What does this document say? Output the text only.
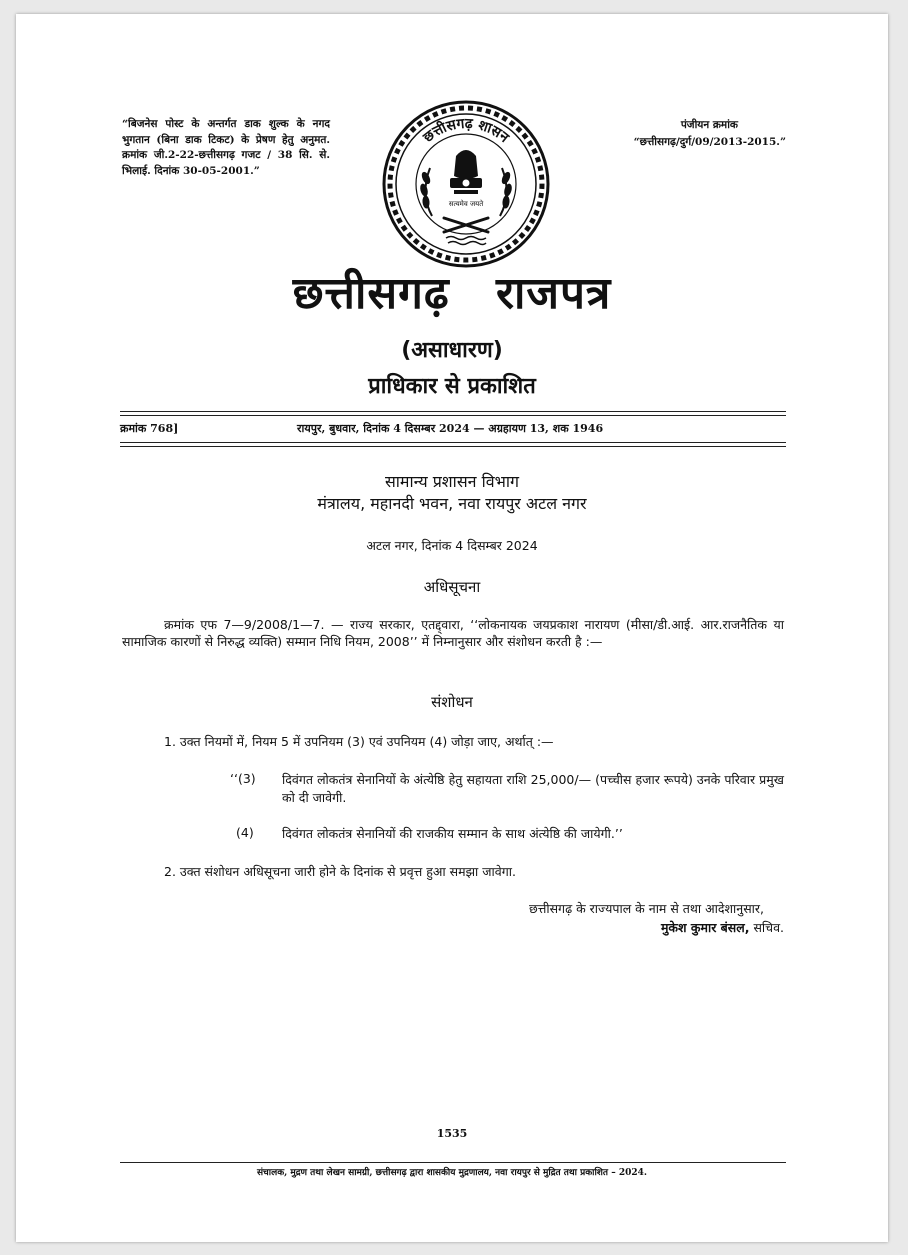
“बिजनेस पोस्ट के अन्तर्गत डाक शुल्क के नगद भुगतान (बिना डाक टिकट) के प्रेषण हेतु अनुमत. क्रमांक जी.2-22-छत्तीसगढ़ गजट / 38 सि. से. भिलाई. दिनांक 30-05-2001.”
पंजीयन क्रमांक
“छत्तीसगढ़/दुर्ग/09/2013-2015.”
छत्तीसगढ़ शासन
सत्यमेव जयते
छत्तीसगढ़ राजपत्र
(असाधारण)
प्राधिकार से प्रकाशित
क्रमांक 768]	रायपुर, बुधवार, दिनांक 4 दिसम्बर 2024 — अग्रहायण 13, शक 1946
सामान्य प्रशासन विभाग
मंत्रालय, महानदी भवन, नवा रायपुर अटल नगर
अटल नगर, दिनांक 4 दिसम्बर 2024
अधिसूचना
क्रमांक एफ 7—9/2008/1—7. — राज्य सरकार, एतद्द्वारा, ‘‘लोकनायक जयप्रकाश नारायण (मीसा/डी.आई. आर.राजनैतिक या सामाजिक कारणों से निरुद्ध व्यक्ति) सम्मान निधि नियम, 2008’’ में निम्नानुसार और संशोधन करती है :—
संशोधन
1. उक्त नियमों में, नियम 5 में उपनियम (3) एवं उपनियम (4) जोड़ा जाए, अर्थात् :—
‘‘(3) दिवंगत लोकतंत्र सेनानियों के अंत्येष्ठि हेतु सहायता राशि 25,000/— (पच्चीस हजार रूपये) उनके परिवार प्रमुख को दी जावेगी.
(4) दिवंगत लोकतंत्र सेनानियों की राजकीय सम्मान के साथ अंत्येष्ठि की जायेगी.’’
2. उक्त संशोधन अधिसूचना जारी होने के दिनांक से प्रवृत्त हुआ समझा जावेगा.
छत्तीसगढ़ के राज्यपाल के नाम से तथा आदेशानुसार,
मुकेश कुमार बंसल, सचिव.
1535
संचालक, मुद्रण तथा लेखन सामग्री, छत्तीसगढ़ द्वारा शासकीय मुद्रणालय, नवा रायपुर से मुद्रित तथा प्रकाशित – 2024.
